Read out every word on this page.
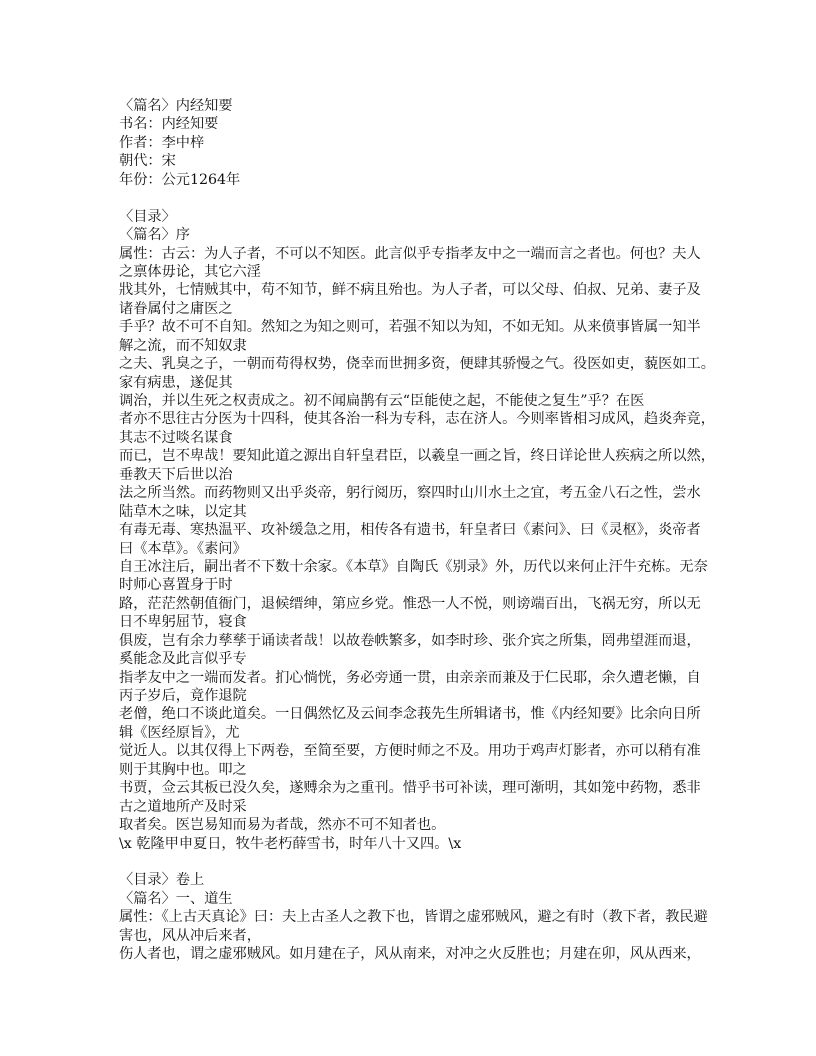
〈篇名〉内经知要
书名：内经知要
作者：李中梓
朝代：宋
年份：公元1264年
〈目录〉
〈篇名〉序
属性：古云：为人子者，不可以不知医。此言似乎专指孝友中之一端而言之者也。何也？夫人
之禀体毋论，其它六淫
戕其外，七情贼其中，苟不知节，鲜不病且殆也。为人子者，可以父母、伯叔、兄弟、妻子及
诸眷属付之庸医之
手乎？故不可不自知。然知之为知之则可，若强不知以为知，不如无知。从来偾事皆属一知半
解之流，而不知奴隶
之夫、乳臭之子，一朝而苟得权势，侥幸而世拥多资，便肆其骄慢之气。役医如吏，藐医如工。
家有病患，遂促其
调治，并以生死之权责成之。初不闻扁鹊有云“臣能使之起，不能使之复生”乎？在医
者亦不思往古分医为十四科，使其各治一科为专科，志在济人。今则率皆相习成风，趋炎奔竞，
其志不过啖名谋食
而已，岂不卑哉！要知此道之源出自轩皇君臣，以羲皇一画之旨，终日详论世人疾病之所以然，
垂教天下后世以治
法之所当然。而药物则又出乎炎帝，躬行阅历，察四时山川水土之宜，考五金八石之性，尝水
陆草木之味，以定其
有毒无毒、寒热温平、攻补缓急之用，相传各有遗书，轩皇者曰《素问》、曰《灵枢》，炎帝者
曰《本草》。《素问》
自王冰注后，嗣出者不下数十余家。《本草》自陶氏《别录》外，历代以来何止汗牛充栋。无奈
时师心喜置身于时
路，茫茫然朝值衙门，退候缙绅，第应乡党。惟恐一人不悦，则谤端百出，飞祸无穷，所以无
日不卑躬屈节，寝食
俱废，岂有余力孳孳于诵读者哉！以故卷帙繁多，如李时珍、张介宾之所集，罔弗望涯而退，
奚能念及此言似乎专
指孝友中之一端而发者。扪心惝恍，务必旁通一贯，由亲亲而兼及于仁民耶，余久遭老懒，自
丙子岁后，竟作退院
老僧，绝口不谈此道矣。一日偶然忆及云间李念莪先生所辑诸书，惟《内经知要》比余向日所
辑《医经原旨》，尤
觉近人。以其仅得上下两卷，至简至要，方便时师之不及。用功于鸡声灯影者，亦可以稍有准
则于其胸中也。叩之
书贾，佥云其板已没久矣，遂赙余为之重刊。惜乎书可补读，理可渐明，其如笼中药物，悉非
古之道地所产及时采
取者矣。医岂易知而易为者哉，然亦不可不知者也。
\x 乾隆甲申夏日，牧牛老朽薛雪书，时年八十又四。\x
〈目录〉卷上
〈篇名〉一、道生
属性：《上古天真论》曰：夫上古圣人之教下也，皆谓之虚邪贼风，避之有时（教下者，教民避
害也，风从冲后来者，
伤人者也，谓之虚邪贼风。如月建在子，风从南来，对冲之火反胜也；月建在卯，风从西来，
